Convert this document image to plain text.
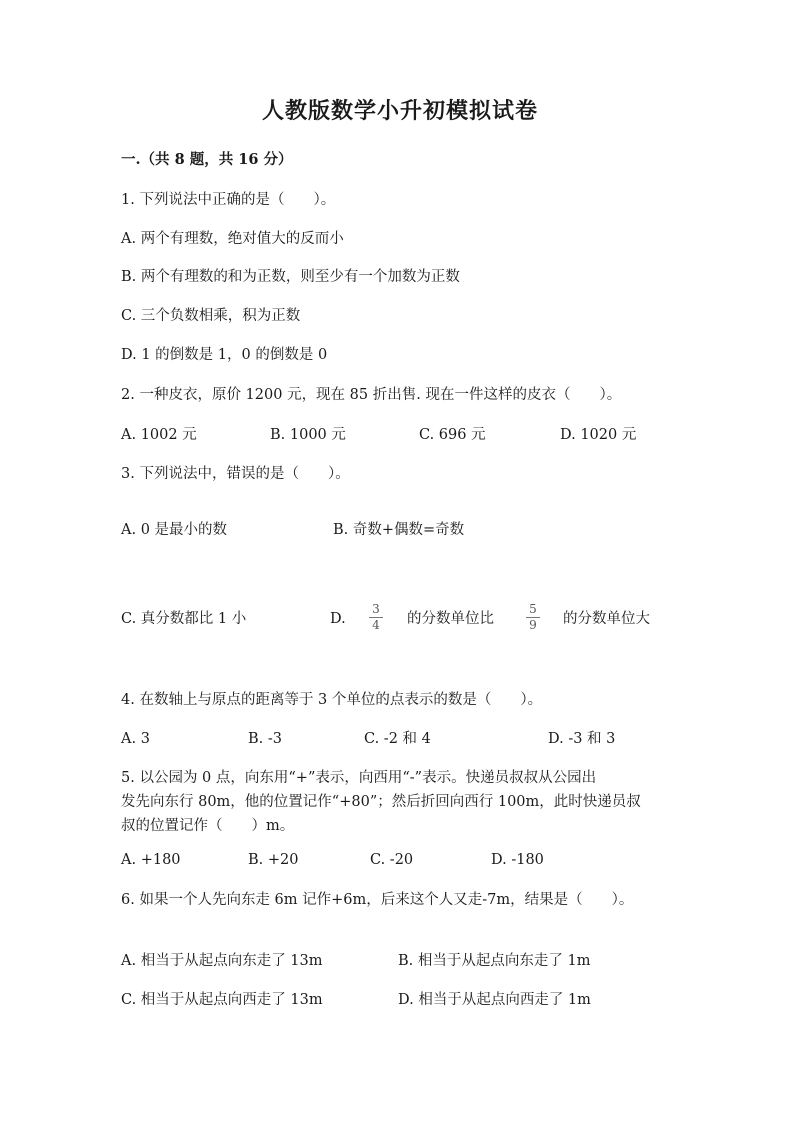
人教版数学小升初模拟试卷
一.（共 8 题，共 16 分）
1. 下列说法中正确的是（　　）。
A. 两个有理数，绝对值大的反而小
B. 两个有理数的和为正数，则至少有一个加数为正数
C. 三个负数相乘，积为正数
D. 1 的倒数是 1，0 的倒数是 0
2. 一种皮衣，原价 1200 元，现在 85 折出售. 现在一件这样的皮衣（　　）。
A. 1002 元	B. 1000 元	C. 696 元	D. 1020 元
3. 下列说法中，错误的是（　　）。
A. 0 是最小的数	B. 奇数+偶数=奇数
C. 真分数都比 1 小	D.
3
4 的分数单位比
5
9 的分数单位大
4. 在数轴上与原点的距离等于 3 个单位的点表示的数是（　　）。
A. 3	B. -3	C. -2 和 4	D. -3 和 3
5. 以公园为 0 点，向东用“+”表示，向西用“-”表示。快递员叔叔从公园出
发先向东行 80m，他的位置记作“+80”；然后折回向西行 100m，此时快递员叔
叔的位置记作（　　）m。
A. +180	B. +20	C. -20	D. -180
6. 如果一个人先向东走 6m 记作+6m，后来这个人又走-7m，结果是（　　）。
A. 相当于从起点向东走了 13m	B. 相当于从起点向东走了 1m
C. 相当于从起点向西走了 13m	D. 相当于从起点向西走了 1m
